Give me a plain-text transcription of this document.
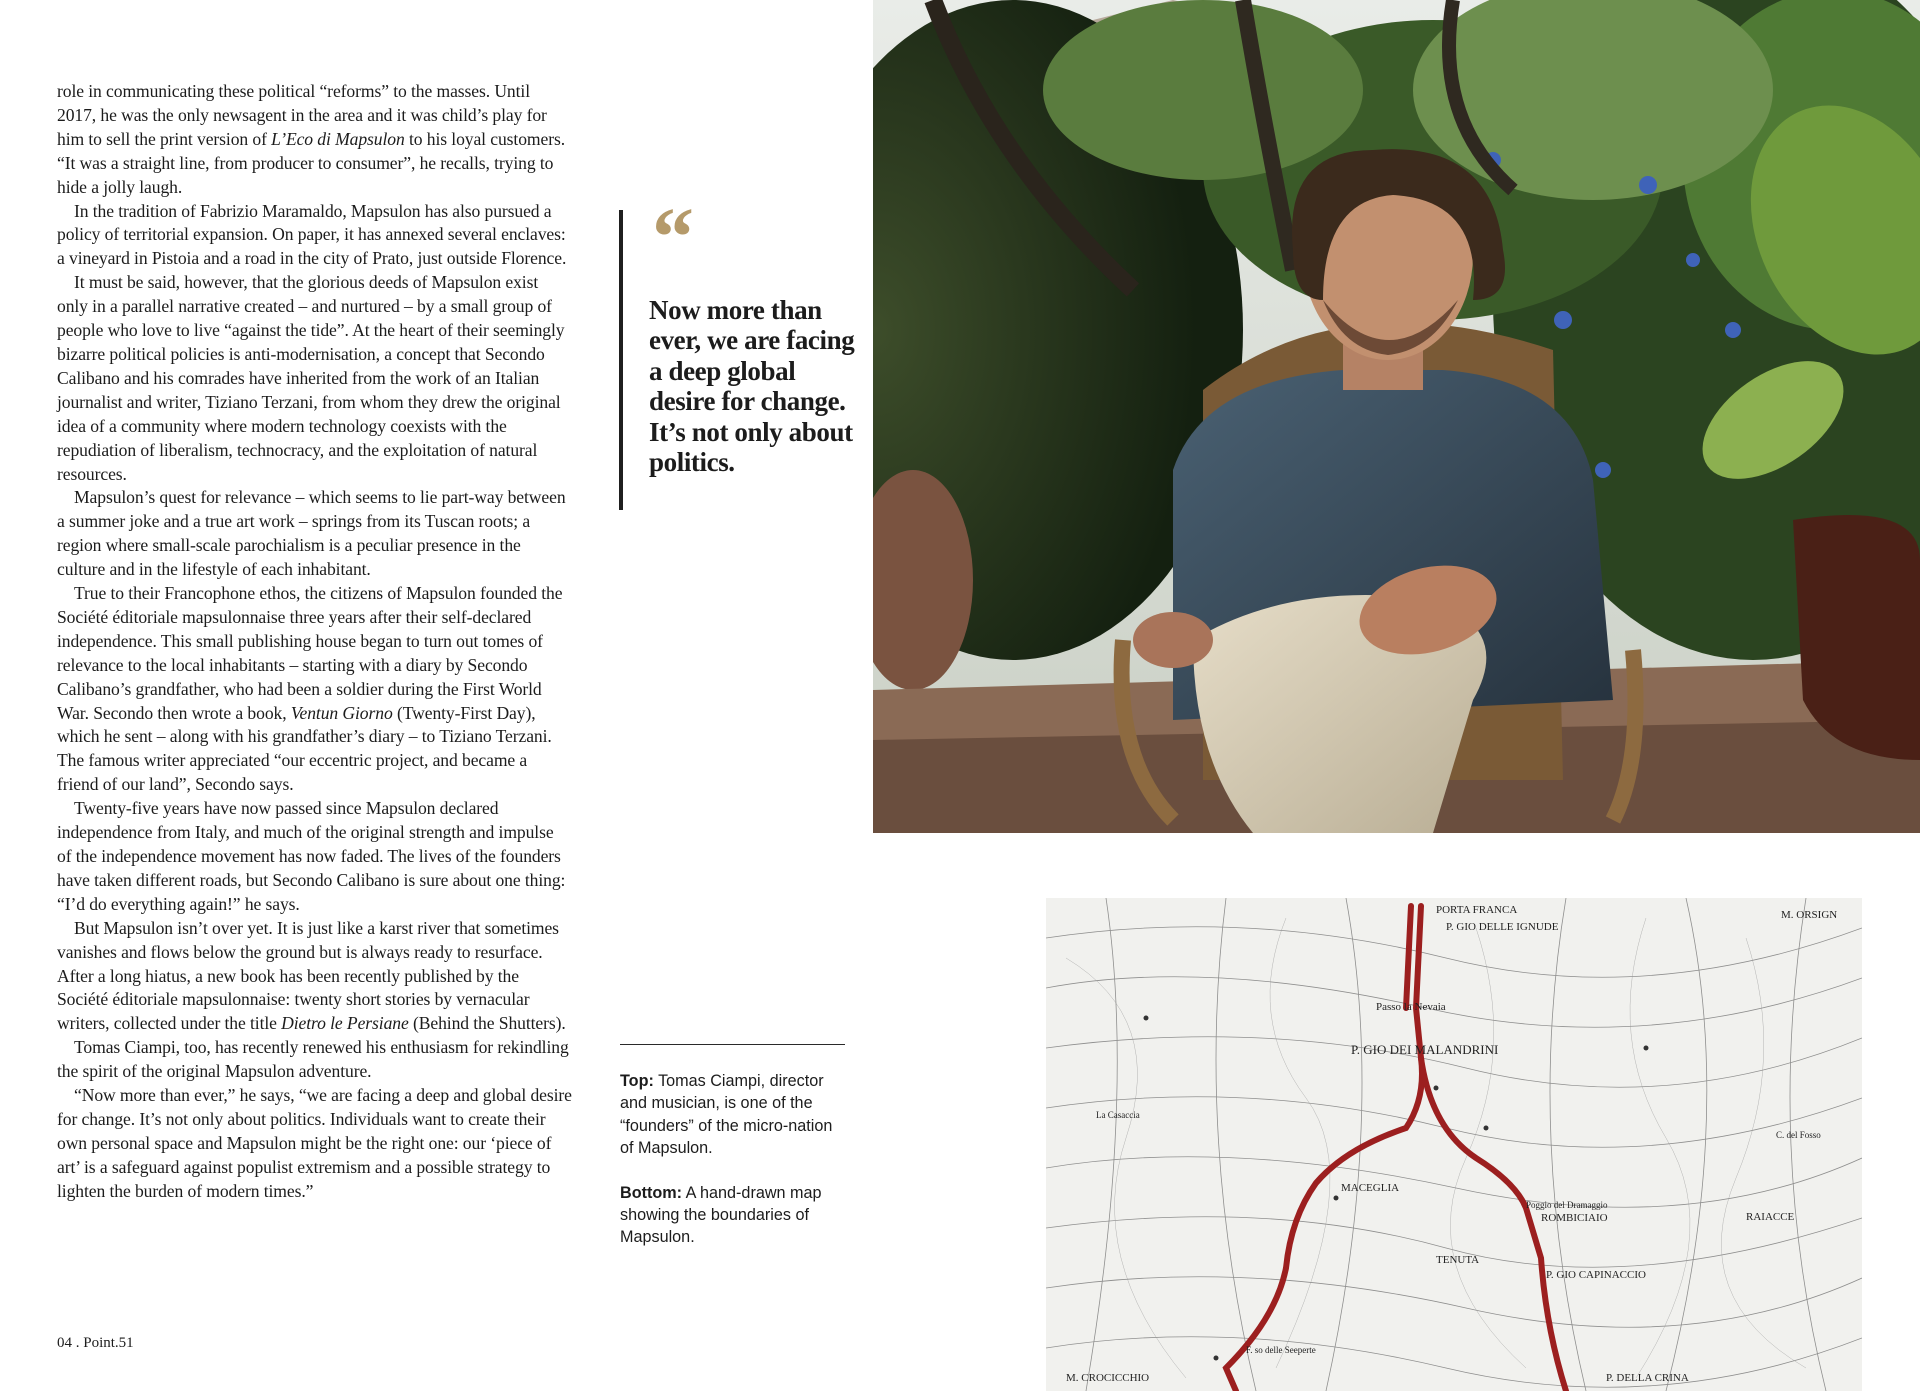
role in communicating these political “reforms” to the masses. Until 2017, he was the only newsagent in the area and it was child’s play for him to sell the print version of L’Eco di Mapsulon to his loyal customers. “It was a straight line, from producer to consumer”, he recalls, trying to hide a jolly laugh.

In the tradition of Fabrizio Maramaldo, Mapsulon has also pursued a policy of territorial expansion. On paper, it has annexed several enclaves: a vineyard in Pistoia and a road in the city of Prato, just outside Florence.

It must be said, however, that the glorious deeds of Mapsulon exist only in a parallel narrative created – and nurtured – by a small group of people who love to live “against the tide”. At the heart of their seemingly bizarre political policies is anti-modernisation, a concept that Secondo Calibano and his comrades have inherited from the work of an Italian journalist and writer, Tiziano Terzani, from whom they drew the original idea of a community where modern technology coexists with the repudiation of liberalism, technocracy, and the exploitation of natural resources.

Mapsulon’s quest for relevance – which seems to lie part-way between a summer joke and a true art work – springs from its Tuscan roots; a region where small-scale parochialism is a peculiar presence in the culture and in the lifestyle of each inhabitant.

True to their Francophone ethos, the citizens of Mapsulon founded the Société éditoriale mapsulonnaise three years after their self-declared independence. This small publishing house began to turn out tomes of relevance to the local inhabitants – starting with a diary by Secondo Calibano’s grandfather, who had been a soldier during the First World War. Secondo then wrote a book, Ventun Giorno (Twenty-First Day), which he sent – along with his grandfather’s diary – to Tiziano Terzani. The famous writer appreciated “our eccentric project, and became a friend of our land”, Secondo says.

Twenty-five years have now passed since Mapsulon declared independence from Italy, and much of the original strength and impulse of the independence movement has now faded. The lives of the founders have taken different roads, but Secondo Calibano is sure about one thing: “I’d do everything again!” he says.

But Mapsulon isn’t over yet. It is just like a karst river that sometimes vanishes and flows below the ground but is always ready to resurface. After a long hiatus, a new book has been recently published by the Société éditoriale mapsulonnaise: twenty short stories by vernacular writers, collected under the title Dietro le Persiane (Behind the Shutters).

Tomas Ciampi, too, has recently renewed his enthusiasm for rekindling the spirit of the original Mapsulon adventure.

“Now more than ever,” he says, “we are facing a deep and global desire for change. It’s not only about politics. Individuals want to create their own personal space and Mapsulon might be the right one: our ‘piece of art’ is a safeguard against populist extremism and a possible strategy to lighten the burden of modern times.”

04 . Point.51
“
Now more than ever, we are facing a deep global desire for change. It’s not only about politics.

Top: Tomas Ciampi, director and musician, is one of the “founders” of the micro-nation of Mapsulon.

Bottom: A hand-drawn map showing the boundaries of Mapsulon.

PORTA FRANCA
P. GIO DELLE IGNUDE
M. ORSIGN
Passo la Nevaia
P. GIO DEI MALANDRINI
MACEGLIA
ROMBICIAIO
P. GIO CAPINACCIO
TENUTA
M. CROCICCHIO
Poggio del Dramaggio
C. del Fosso
La Casaccia
RAIACCE
F. so delle Seeperte
P. DELLA CRINA
